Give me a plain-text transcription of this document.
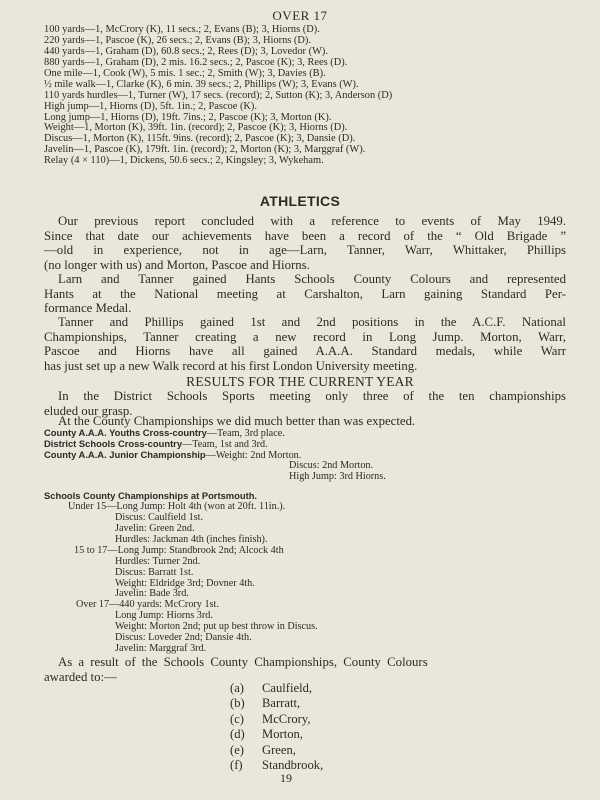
OVER 17
100 yards—1, McCrory (K), 11 secs.; 2, Evans (B); 3, Hiorns (D).
220 yards—1, Pascoe (K), 26 secs.; 2, Evans (B); 3, Hiorns (D).
440 yards—1, Graham (D), 60.8 secs.; 2, Rees (D); 3, Lovedor (W).
880 yards—1, Graham (D), 2 mis. 16.2 secs.; 2, Pascoe (K); 3, Rees (D).
One mile—1, Cook (W), 5 mis. 1 sec.; 2, Smith (W); 3, Davies (B).
½ mile walk—1, Clarke (K), 6 min. 39 secs.; 2, Phillips (W); 3, Evans (W).
110 yards hurdles—1, Turner (W), 17 secs. (record); 2, Sutton (K); 3, Anderson (D)
High jump—1, Hiorns (D), 5ft. 1in.; 2, Pascoe (K).
Long jump—1, Hiorns (D), 19ft. 7ins.; 2, Pascoe (K); 3, Morton (K).
Weight—1, Morton (K), 39ft. 1in. (record); 2, Pascoe (K); 3, Hiorns (D).
Discus—1, Morton (K), 115ft. 9ins. (record); 2, Pascoe (K); 3, Dansie (D).
Javelin—1, Pascoe (K), 179ft. 1in. (record); 2, Morton (K); 3, Marggraf (W).
Relay (4 × 110)—1, Dickens, 50.6 secs.; 2, Kingsley; 3, Wykeham.
ATHLETICS
Our previous report concluded with a reference to events of May 1949.
Since that date our achievements have been a record of the “ Old Brigade ”
—old in experience, not in age—Larn, Tanner, Warr, Whittaker, Phillips
(no longer with us) and Morton, Pascoe and Hiorns.
Larn and Tanner gained Hants Schools County Colours and represented
Hants at the National meeting at Carshalton, Larn gaining Standard Per-
formance Medal.
Tanner and Phillips gained 1st and 2nd positions in the A.C.F. National
Championships, Tanner creating a new record in Long Jump. Morton, Warr,
Pascoe and Hiorns have all gained A.A.A. Standard medals, while Warr
has just set up a new Walk record at his first London University meeting.
RESULTS FOR THE CURRENT YEAR
In the District Schools Sports meeting only three of the ten championships
eluded our grasp.
At the County Championships we did much better than was expected.
County A.A.A. Youths Cross-country—Team, 3rd place.
District Schools Cross-country—Team, 1st and 3rd.
County A.A.A. Junior Championship—Weight: 2nd Morton.
Discus: 2nd Morton.
High Jump: 3rd Hiorns.
Schools County Championships at Portsmouth.
Under 15—Long Jump: Holt 4th (won at 20ft. 11in.).
Discus: Caulfield 1st.
Javelin: Green 2nd.
Hurdles: Jackman 4th (inches finish).
15 to 17—Long Jump: Standbrook 2nd; Alcock 4th
Hurdles: Turner 2nd.
Discus: Barratt 1st.
Weight: Eldridge 3rd; Dovner 4th.
Javelin: Bade 3rd.
Over 17—440 yards: McCrory 1st.
Long Jump: Hiorns 3rd.
Weight: Morton 2nd; put up best throw in Discus.
Discus: Loveder 2nd; Dansie 4th.
Javelin: Marggraf 3rd.
As a result of the Schools County Championships, County Colours
awarded to:—
(a) Caulfield,
(b) Barratt,
(c) McCrory,
(d) Morton,
(e) Green,
(f) Standbrook,
19
